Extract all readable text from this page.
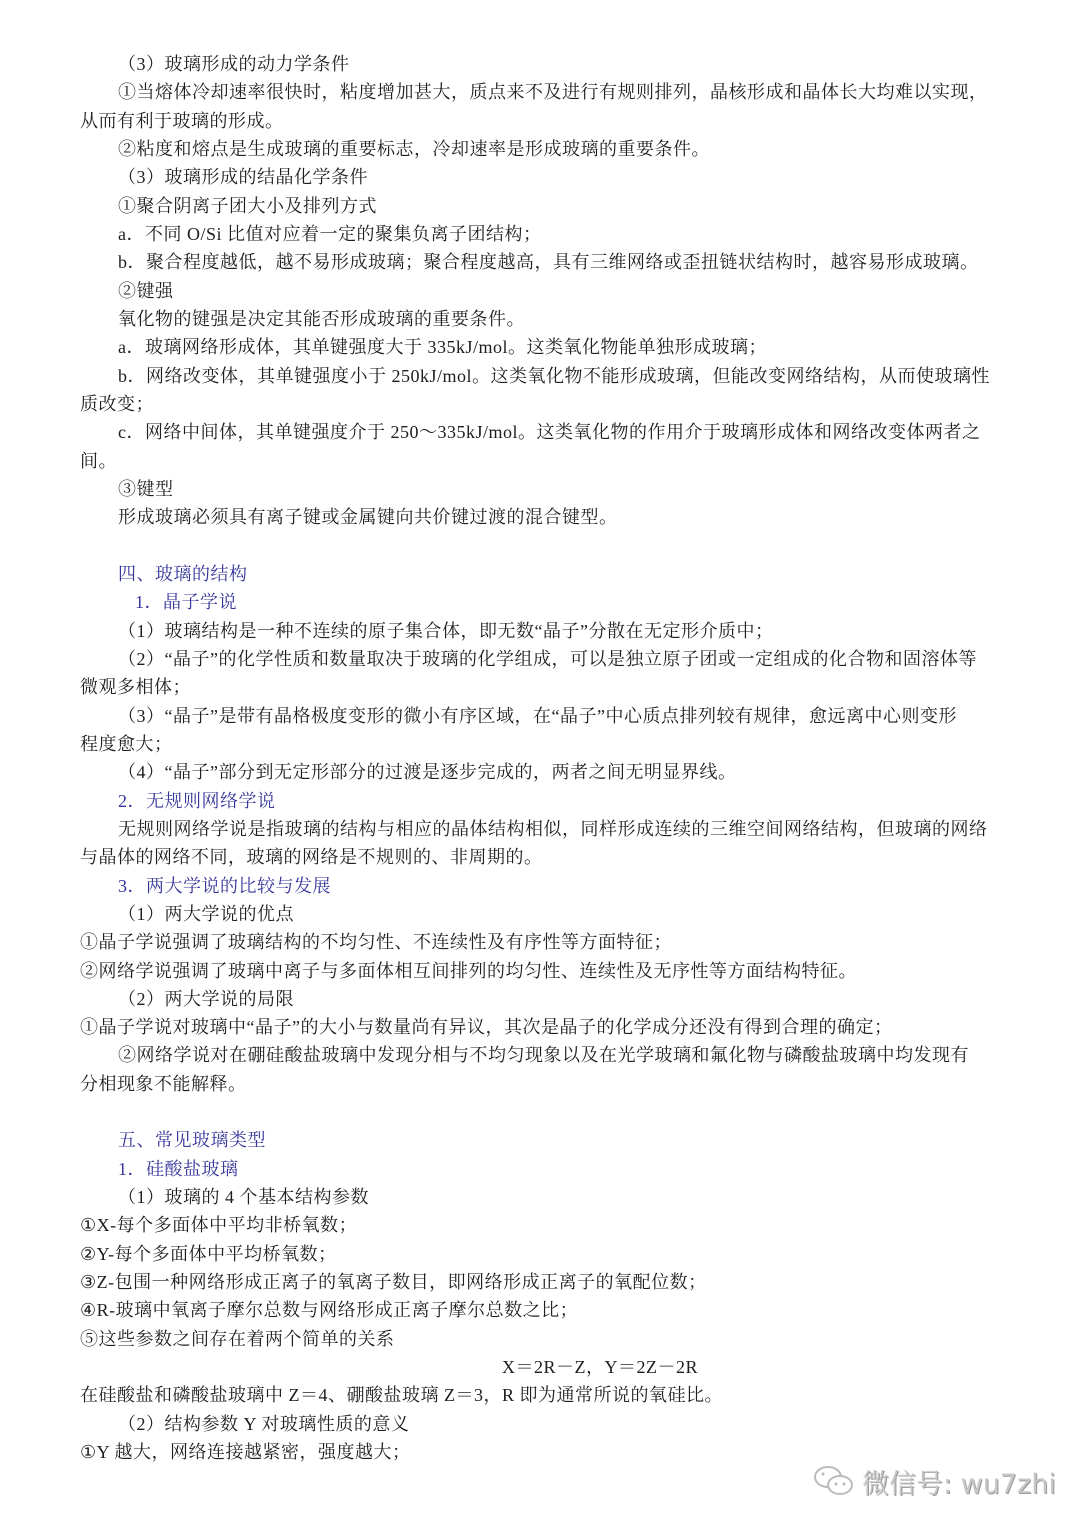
（3）玻璃形成的动力学条件
①当熔体冷却速率很快时，粘度增加甚大，质点来不及进行有规则排列，晶核形成和晶体长大均难以实现，
从而有利于玻璃的形成。
②粘度和熔点是生成玻璃的重要标志，冷却速率是形成玻璃的重要条件。
（3）玻璃形成的结晶化学条件
①聚合阴离子团大小及排列方式
a．不同 O/Si 比值对应着一定的聚集负离子团结构；
b．聚合程度越低，越不易形成玻璃；聚合程度越高，具有三维网络或歪扭链状结构时，越容易形成玻璃。
②键强
氧化物的键强是决定其能否形成玻璃的重要条件。
a．玻璃网络形成体，其单键强度大于 335kJ/mol。这类氧化物能单独形成玻璃；
b．网络改变体，其单键强度小于 250kJ/mol。这类氧化物不能形成玻璃，但能改变网络结构，从而使玻璃性
质改变；
c．网络中间体，其单键强度介于 250～335kJ/mol。这类氧化物的作用介于玻璃形成体和网络改变体两者之
间。
③键型
形成玻璃必须具有离子键或金属键向共价键过渡的混合键型。
四、玻璃的结构
1．晶子学说
（1）玻璃结构是一种不连续的原子集合体，即无数“晶子”分散在无定形介质中；
（2）“晶子”的化学性质和数量取决于玻璃的化学组成，可以是独立原子团或一定组成的化合物和固溶体等
微观多相体；
（3）“晶子”是带有晶格极度变形的微小有序区域，在“晶子”中心质点排列较有规律，愈远离中心则变形
程度愈大；
（4）“晶子”部分到无定形部分的过渡是逐步完成的，两者之间无明显界线。
2．无规则网络学说
无规则网络学说是指玻璃的结构与相应的晶体结构相似，同样形成连续的三维空间网络结构，但玻璃的网络
与晶体的网络不同，玻璃的网络是不规则的、非周期的。
3．两大学说的比较与发展
（1）两大学说的优点
①晶子学说强调了玻璃结构的不均匀性、不连续性及有序性等方面特征；
②网络学说强调了玻璃中离子与多面体相互间排列的均匀性、连续性及无序性等方面结构特征。
（2）两大学说的局限
①晶子学说对玻璃中“晶子”的大小与数量尚有异议，其次是晶子的化学成分还没有得到合理的确定；
②网络学说对在硼硅酸盐玻璃中发现分相与不均匀现象以及在光学玻璃和氟化物与磷酸盐玻璃中均发现有
分相现象不能解释。
五、常见玻璃类型
1．硅酸盐玻璃
（1）玻璃的 4 个基本结构参数
①X-每个多面体中平均非桥氧数；
②Y-每个多面体中平均桥氧数；
③Z-包围一种网络形成正离子的氧离子数目，即网络形成正离子的氧配位数；
④R-玻璃中氧离子摩尔总数与网络形成正离子摩尔总数之比；
⑤这些参数之间存在着两个简单的关系
X＝2R－Z，Y＝2Z－2R
在硅酸盐和磷酸盐玻璃中 Z＝4、硼酸盐玻璃 Z＝3，R 即为通常所说的氧硅比。
（2）结构参数 Y 对玻璃性质的意义
①Y 越大，网络连接越紧密，强度越大；
微信号: wu7zhi
